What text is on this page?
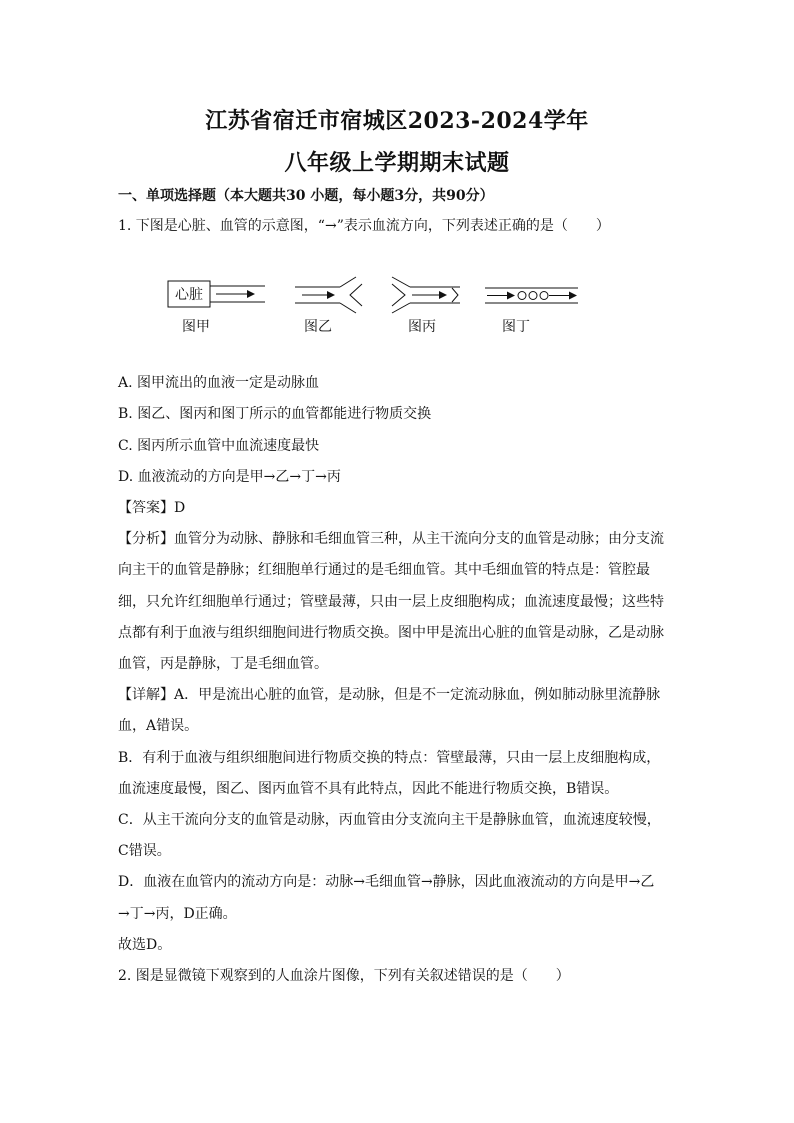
江苏省宿迁市宿城区2023-2024学年
八年级上学期期末试题
一、单项选择题（本大题共30 小题，每小题3分，共90分）
1. 下图是心脏、血管的示意图，“→”表示血流方向，下列表述正确的是（　　）
心脏
图甲	图乙	图丙	图丁
A. 图甲流出的血液一定是动脉血
B. 图乙、图丙和图丁所示的血管都能进行物质交换
C. 图丙所示血管中血流速度最快
D. 血液流动的方向是甲→乙→丁→丙
【答案】D
【分析】血管分为动脉、静脉和毛细血管三种，从主干流向分支的血管是动脉；由分支流
向主干的血管是静脉；红细胞单行通过的是毛细血管。其中毛细血管的特点是：管腔最
细，只允许红细胞单行通过；管壁最薄，只由一层上皮细胞构成；血流速度最慢；这些特
点都有利于血液与组织细胞间进行物质交换。图中甲是流出心脏的血管是动脉，乙是动脉
血管，丙是静脉，丁是毛细血管。
【详解】A．甲是流出心脏的血管，是动脉，但是不一定流动脉血，例如肺动脉里流静脉
血，A错误。
B．有利于血液与组织细胞间进行物质交换的特点：管壁最薄，只由一层上皮细胞构成，
血流速度最慢，图乙、图丙血管不具有此特点，因此不能进行物质交换，B错误。
C．从主干流向分支的血管是动脉，丙血管由分支流向主干是静脉血管，血流速度较慢，
C错误。
D．血液在血管内的流动方向是：动脉→毛细血管→静脉，因此血液流动的方向是甲→乙
→丁→丙，D正确。
故选D。
2. 图是显微镜下观察到的人血涂片图像，下列有关叙述错误的是（　　）
